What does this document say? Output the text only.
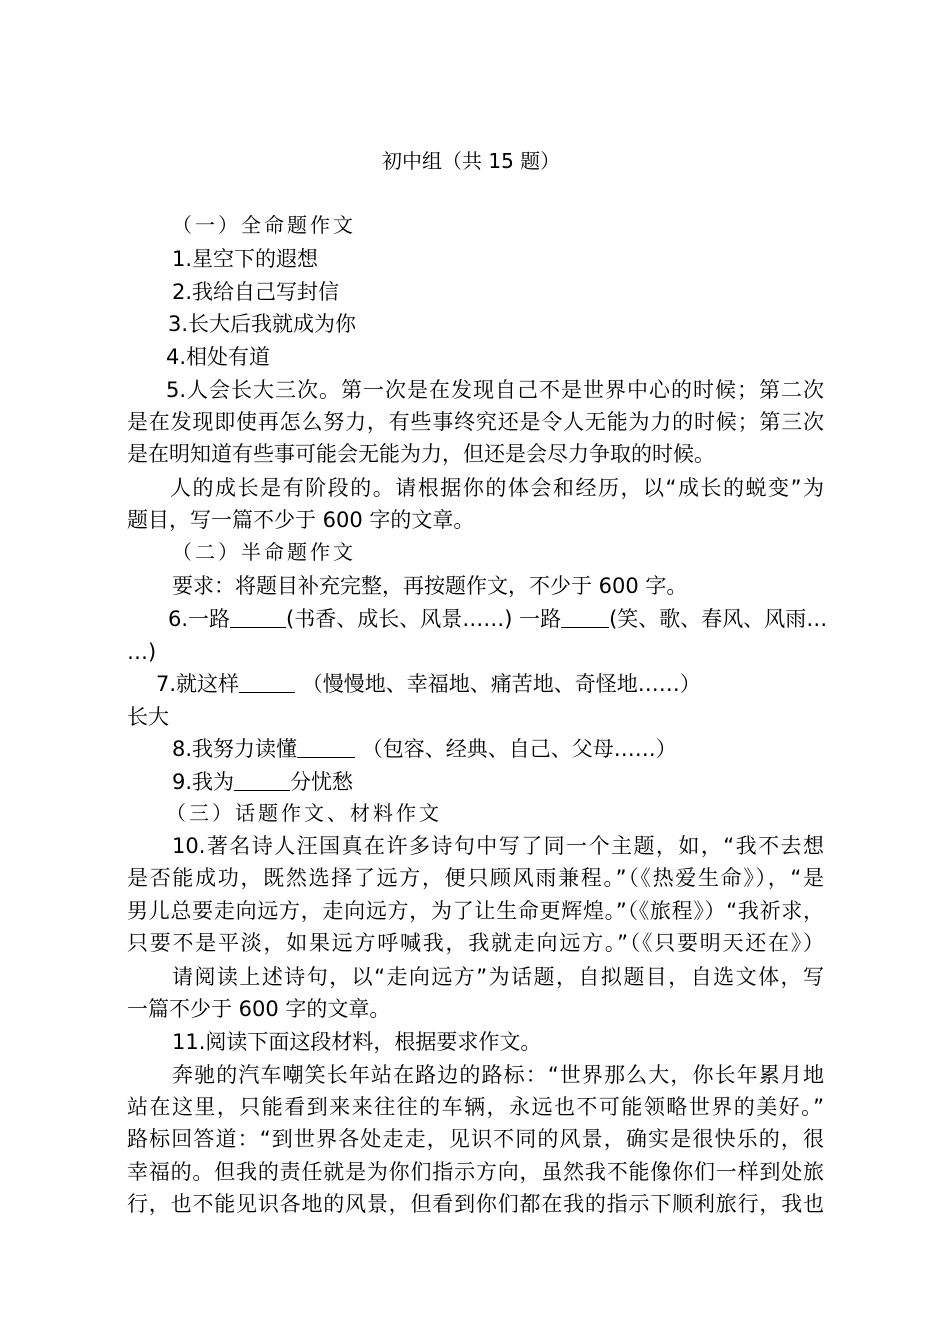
初中组（共 15 题）
（一）全命题作文
1.星空下的遐想
2.我给自己写封信
3.长大后我就成为你
4.相处有道
5.人会长大三次。第一次是在发现自己不是世界中心的时候；第二次
是在发现即使再怎么努力，有些事终究还是令人无能为力的时候；第三次
是在明知道有些事可能会无能为力，但还是会尽力争取的时候。
人的成长是有阶段的。请根据你的体会和经历，以“成长的蜕变”为
题目，写一篇不少于 600 字的文章。
（二）半命题作文
要求：将题目补充完整，再按题作文，不少于 600 字。
6.一路	(书香、成长、风景……) 一路 (笑、歌、春风、风雨…
…)
7.就这样	（慢慢地、幸福地、痛苦地、奇怪地……）
长大
8.我努力读懂	（包容、经典、自己、父母……）
9.我为	分忧愁
（三）话题作文、材料作文
10.著名诗人汪国真在许多诗句中写了同一个主题，如，“我不去想
是否能成功，既然选择了远方，便只顾风雨兼程。”（《热爱生命》），“是
男儿总要走向远方，走向远方，为了让生命更辉煌。”（《旅程》）“我祈求，
只要不是平淡，如果远方呼喊我，我就走向远方。”（《只要明天还在》）
请阅读上述诗句，以“走向远方”为话题，自拟题目，自选文体，写
一篇不少于 600 字的文章。
11.阅读下面这段材料，根据要求作文。
奔驰的汽车嘲笑长年站在路边的路标：“世界那么大，你长年累月地
站在这里，只能看到来来往往的车辆，永远也不可能领略世界的美好。”
路标回答道：“到世界各处走走，见识不同的风景，确实是很快乐的，很
幸福的。但我的责任就是为你们指示方向，虽然我不能像你们一样到处旅
行，也不能见识各地的风景，但看到你们都在我的指示下顺利旅行，我也
